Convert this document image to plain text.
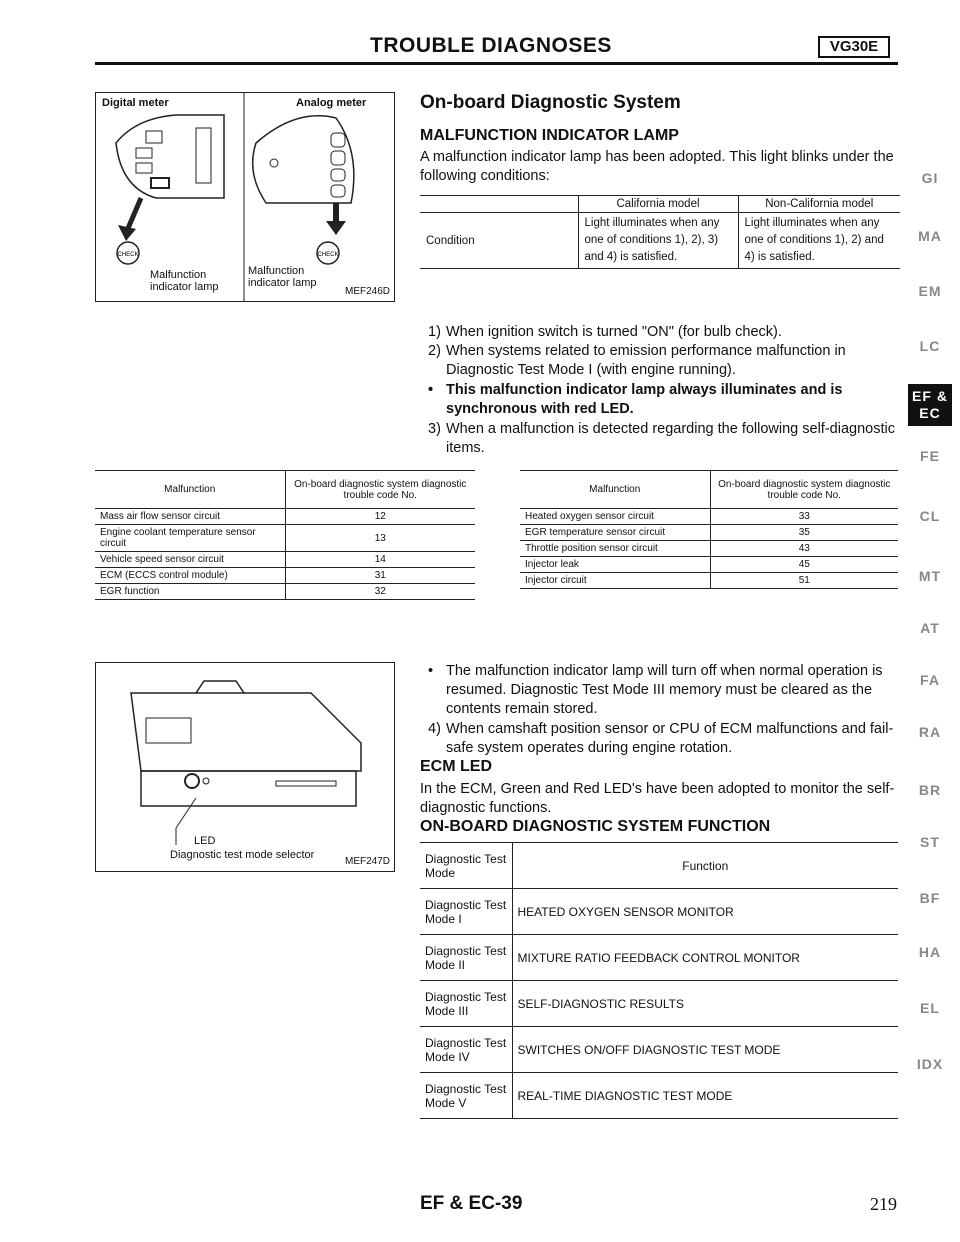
TROUBLE DIAGNOSES	VG30E
CHECK	CHECK
Digital meter	Analog meter
Malfunction indicator lamp
Malfunction indicator lamp
MEF246D
On-board Diagnostic System
MALFUNCTION INDICATOR LAMP
A malfunction indicator lamp has been adopted. This light blinks under the following conditions:
	California model	Non-California model
Condition	Light illuminates when any one of conditions 1), 2), 3) and 4) is satisfied.	Light illuminates when any one of conditions 1), 2) and 4) is satisfied.
1) When ignition switch is turned "ON" (for bulb check).
2) When systems related to emission performance malfunction in Diagnostic Test Mode I (with engine running).
• This malfunction indicator lamp always illuminates and is synchronous with red LED.
3) When a malfunction is detected regarding the following self-diagnostic items.
Malfunction	On-board diagnostic system diagnostic trouble code No.
Mass air flow sensor circuit	12
Engine coolant temperature sensor circuit	13
Vehicle speed sensor circuit	14
ECM (ECCS control module)	31
EGR function	32
Malfunction	On-board diagnostic system diagnostic trouble code No.
Heated oxygen sensor circuit	33
EGR temperature sensor circuit	35
Throttle position sensor circuit	43
Injector leak	45
Injector circuit	51
LED
Diagnostic test mode selector
MEF247D
• The malfunction indicator lamp will turn off when normal operation is resumed. Diagnostic Test Mode III memory must be cleared as the contents remain stored.
4) When camshaft position sensor or CPU of ECM malfunctions and fail-safe system operates during engine rotation.
ECM LED
In the ECM, Green and Red LED's have been adopted to monitor the self-diagnostic functions.
ON-BOARD DIAGNOSTIC SYSTEM FUNCTION
Diagnostic Test Mode	Function
Diagnostic Test Mode I	HEATED OXYGEN SENSOR MONITOR
Diagnostic Test Mode II	MIXTURE RATIO FEEDBACK CONTROL MONITOR
Diagnostic Test Mode III	SELF-DIAGNOSTIC RESULTS
Diagnostic Test Mode IV	SWITCHES ON/OFF DIAGNOSTIC TEST MODE
Diagnostic Test Mode V	REAL-TIME DIAGNOSTIC TEST MODE
GI
MA
EM
LC
EF & EC
FE
CL
MT
AT
FA
RA
BR
ST
BF
HA
EL
IDX
EF & EC-39	219
